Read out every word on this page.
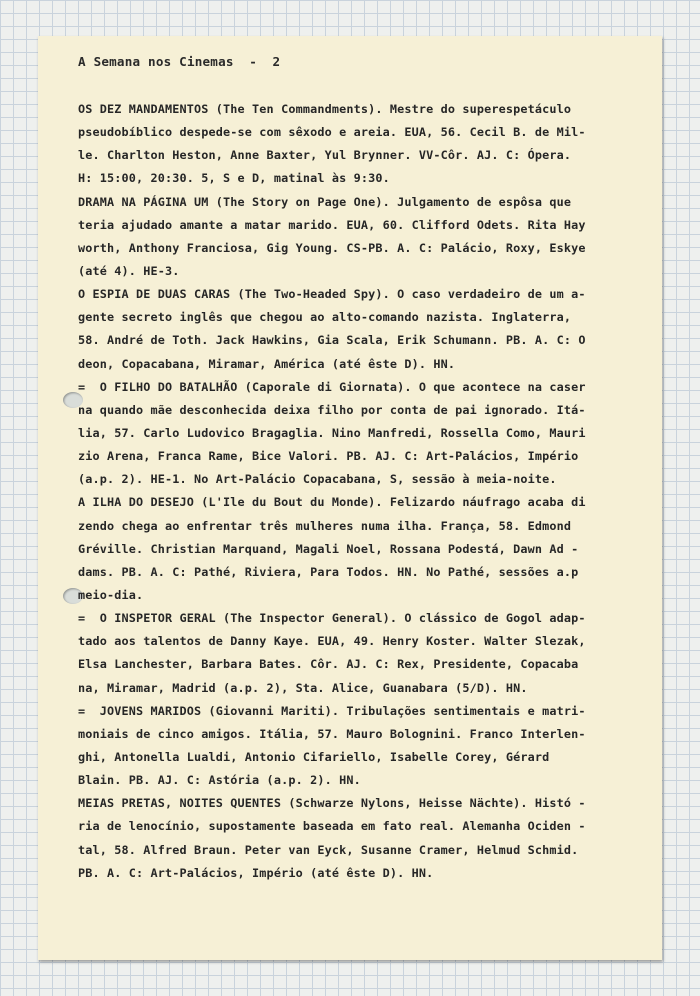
A Semana nos Cinemas  -  2
OS DEZ MANDAMENTOS (The Ten Commandments). Mestre do superespetáculo
pseudobíblico despede-se com sêxodo e areia. EUA, 56. Cecil B. de Mil-
le. Charlton Heston, Anne Baxter, Yul Brynner. VV-Côr. AJ. C: Ópera.
H: 15:00, 20:30. 5, S e D, matinal às 9:30.
DRAMA NA PÁGINA UM (The Story on Page One). Julgamento de espôsa que
teria ajudado amante a matar marido. EUA, 60. Clifford Odets. Rita Hay
worth, Anthony Franciosa, Gig Young. CS-PB. A. C: Palácio, Roxy, Eskye
(até 4). HE-3.
O ESPIA DE DUAS CARAS (The Two-Headed Spy). O caso verdadeiro de um a-
gente secreto inglês que chegou ao alto-comando nazista. Inglaterra,
58. André de Toth. Jack Hawkins, Gia Scala, Erik Schumann. PB. A. C: O
deon, Copacabana, Miramar, América (até êste D). HN.
=  O FILHO DO BATALHÃO (Caporale di Giornata). O que acontece na caser
na quando mãe desconhecida deixa filho por conta de pai ignorado. Itá-
lia, 57. Carlo Ludovico Bragaglia. Nino Manfredi, Rossella Como, Mauri
zio Arena, Franca Rame, Bice Valori. PB. AJ. C: Art-Palácios, Império
(a.p. 2). HE-1. No Art-Palácio Copacabana, S, sessão à meia-noite.
A ILHA DO DESEJO (L'Ile du Bout du Monde). Felizardo náufrago acaba di
zendo chega ao enfrentar três mulheres numa ilha. França, 58. Edmond
Gréville. Christian Marquand, Magali Noel, Rossana Podestá, Dawn Ad -
dams. PB. A. C: Pathé, Riviera, Para Todos. HN. No Pathé, sessões a.p
meio-dia.
=  O INSPETOR GERAL (The Inspector General). O clássico de Gogol adap-
tado aos talentos de Danny Kaye. EUA, 49. Henry Koster. Walter Slezak,
Elsa Lanchester, Barbara Bates. Côr. AJ. C: Rex, Presidente, Copacaba
na, Miramar, Madrid (a.p. 2), Sta. Alice, Guanabara (5/D). HN.
=  JOVENS MARIDOS (Giovanni Mariti). Tribulações sentimentais e matri-
moniais de cinco amigos. Itália, 57. Mauro Bolognini. Franco Interlen-
ghi, Antonella Lualdi, Antonio Cifariello, Isabelle Corey, Gérard
Blain. PB. AJ. C: Astória (a.p. 2). HN.
MEIAS PRETAS, NOITES QUENTES (Schwarze Nylons, Heisse Nächte). Histó -
ria de lenocínio, supostamente baseada em fato real. Alemanha Ociden -
tal, 58. Alfred Braun. Peter van Eyck, Susanne Cramer, Helmud Schmid.
PB. A. C: Art-Palácios, Império (até êste D). HN.
